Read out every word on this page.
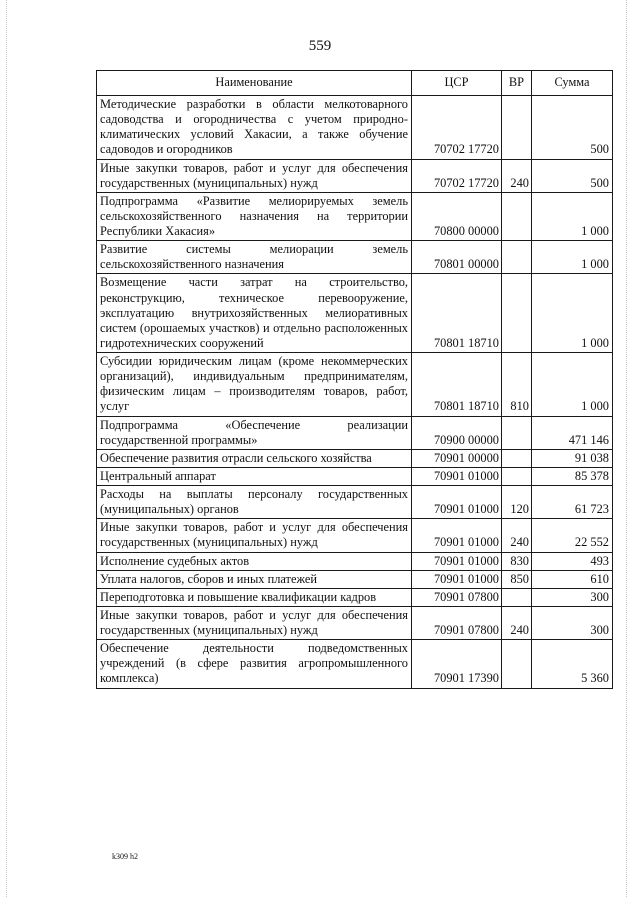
559
Наименование	ЦСР	ВР	Сумма
Методические разработки в области мелкотоварного садоводства и огородничества с учетом природно-климатических условий Хакасии, а также обучение садоводов и огородников	70702 17720		500
Иные закупки товаров, работ и услуг для обеспечения государственных (муниципальных) нужд	70702 17720	240	500
Подпрограмма «Развитие мелиорируемых земель сельскохозяйственного назначения на территории Республики Хакасия»	70800 00000		1 000
Развитие системы мелиорации земель сельскохозяйственного назначения	70801 00000		1 000
Возмещение части затрат на строительство, реконструкцию, техническое перевооружение, эксплуатацию внутрихозяйственных мелиоративных систем (орошаемых участков) и отдельно расположенных гидротехнических сооружений	70801 18710		1 000
Субсидии юридическим лицам (кроме некоммерческих организаций), индивидуальным предпринимателям, физическим лицам – производителям товаров, работ, услуг	70801 18710	810	1 000
Подпрограмма «Обеспечение реализации государственной программы»	70900 00000		471 146
Обеспечение развития отрасли сельского хозяйства	70901 00000		91 038
Центральный аппарат	70901 01000		85 378
Расходы на выплаты персоналу государственных (муниципальных) органов	70901 01000	120	61 723
Иные закупки товаров, работ и услуг для обеспечения государственных (муниципальных) нужд	70901 01000	240	22 552
Исполнение судебных актов	70901 01000	830	493
Уплата налогов, сборов и иных платежей	70901 01000	850	610
Переподготовка и повышение квалификации кадров	70901 07800		300
Иные закупки товаров, работ и услуг для обеспечения государственных (муниципальных) нужд	70901 07800	240	300
Обеспечение деятельности подведомственных учреждений (в сфере развития агропромышленного комплекса)	70901 17390		5 360
k309 h2
